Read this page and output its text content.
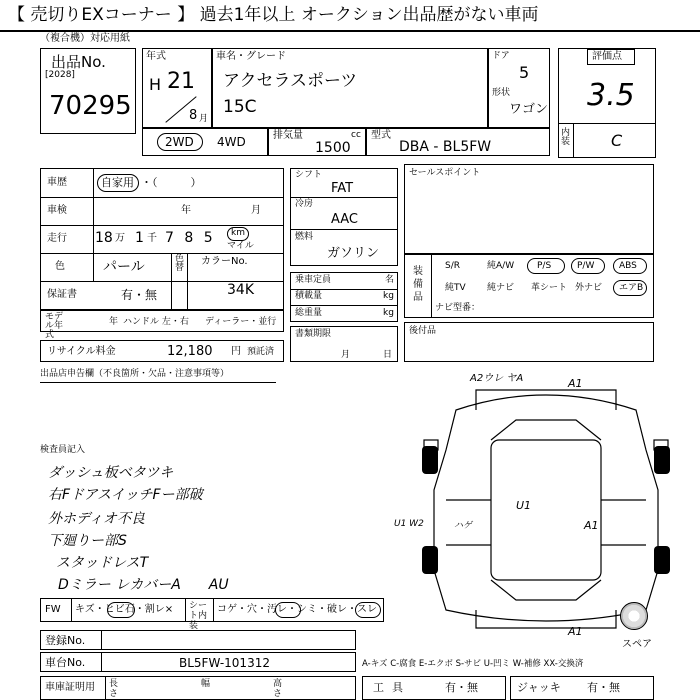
【 売切りEXコーナー 】 過去1年以上 オークション出品歴がない車両
（複合機）対応用紙
出品No.
[2028]
70295
年式
H 21
8 月
車名・グレード
アクセラスポーツ
15C
ドア
5
形状
ワゴン
評価点
3.5
内装	C
2WD 4WD	排気量	cc
1500
型式
DBA - BL5FW
車歴	自家用 ・（　　　）
車検	年	月
走行 18 万 1 千 7 8 5 km
マイル
色	パール	色替
カラーNo.
34K
保証書	有・無
モデル年式
年 ハンドル 左・右 ディーラー・並行
リサイクル料金	12,180 円 預託済
シフト
FAT
冷房
AAC
燃料
ガソリン
乗車定員	名
積載量	kg
総重量	kg
書類期限
月	日
セールスポイント
装備品
S/R	純A/W	P/S	P/W	ABS
純TV 純ナビ 革シート 外ナビ エアB
ナビ型番：
後付品
出品店申告欄（不良箇所・欠品・注意事項等）
検査員記入
ダッシュ板ベタツキ
右FドアスイッチFー部破
外ホディオ不良
下廻りー部S
スタッドレスT
Dミラー レカバーA　　AU
A2ウレ ヤA	A1
U1
ハゲ	A1
U1 W2
A1
スペア
FW キズ・ヒビ石・割レ× シート内装
コゲ・穴・汚レ・シミ・破レ・スレ
登録No.
車台No.	BL5FW-101312	A-キズ C-腐食 E-エクボ S-サビ U-凹ミ W-補修 XX-交換済
車庫証明用 長さ
幅	高さ	工具	有・無	ジャッキ 有・無
